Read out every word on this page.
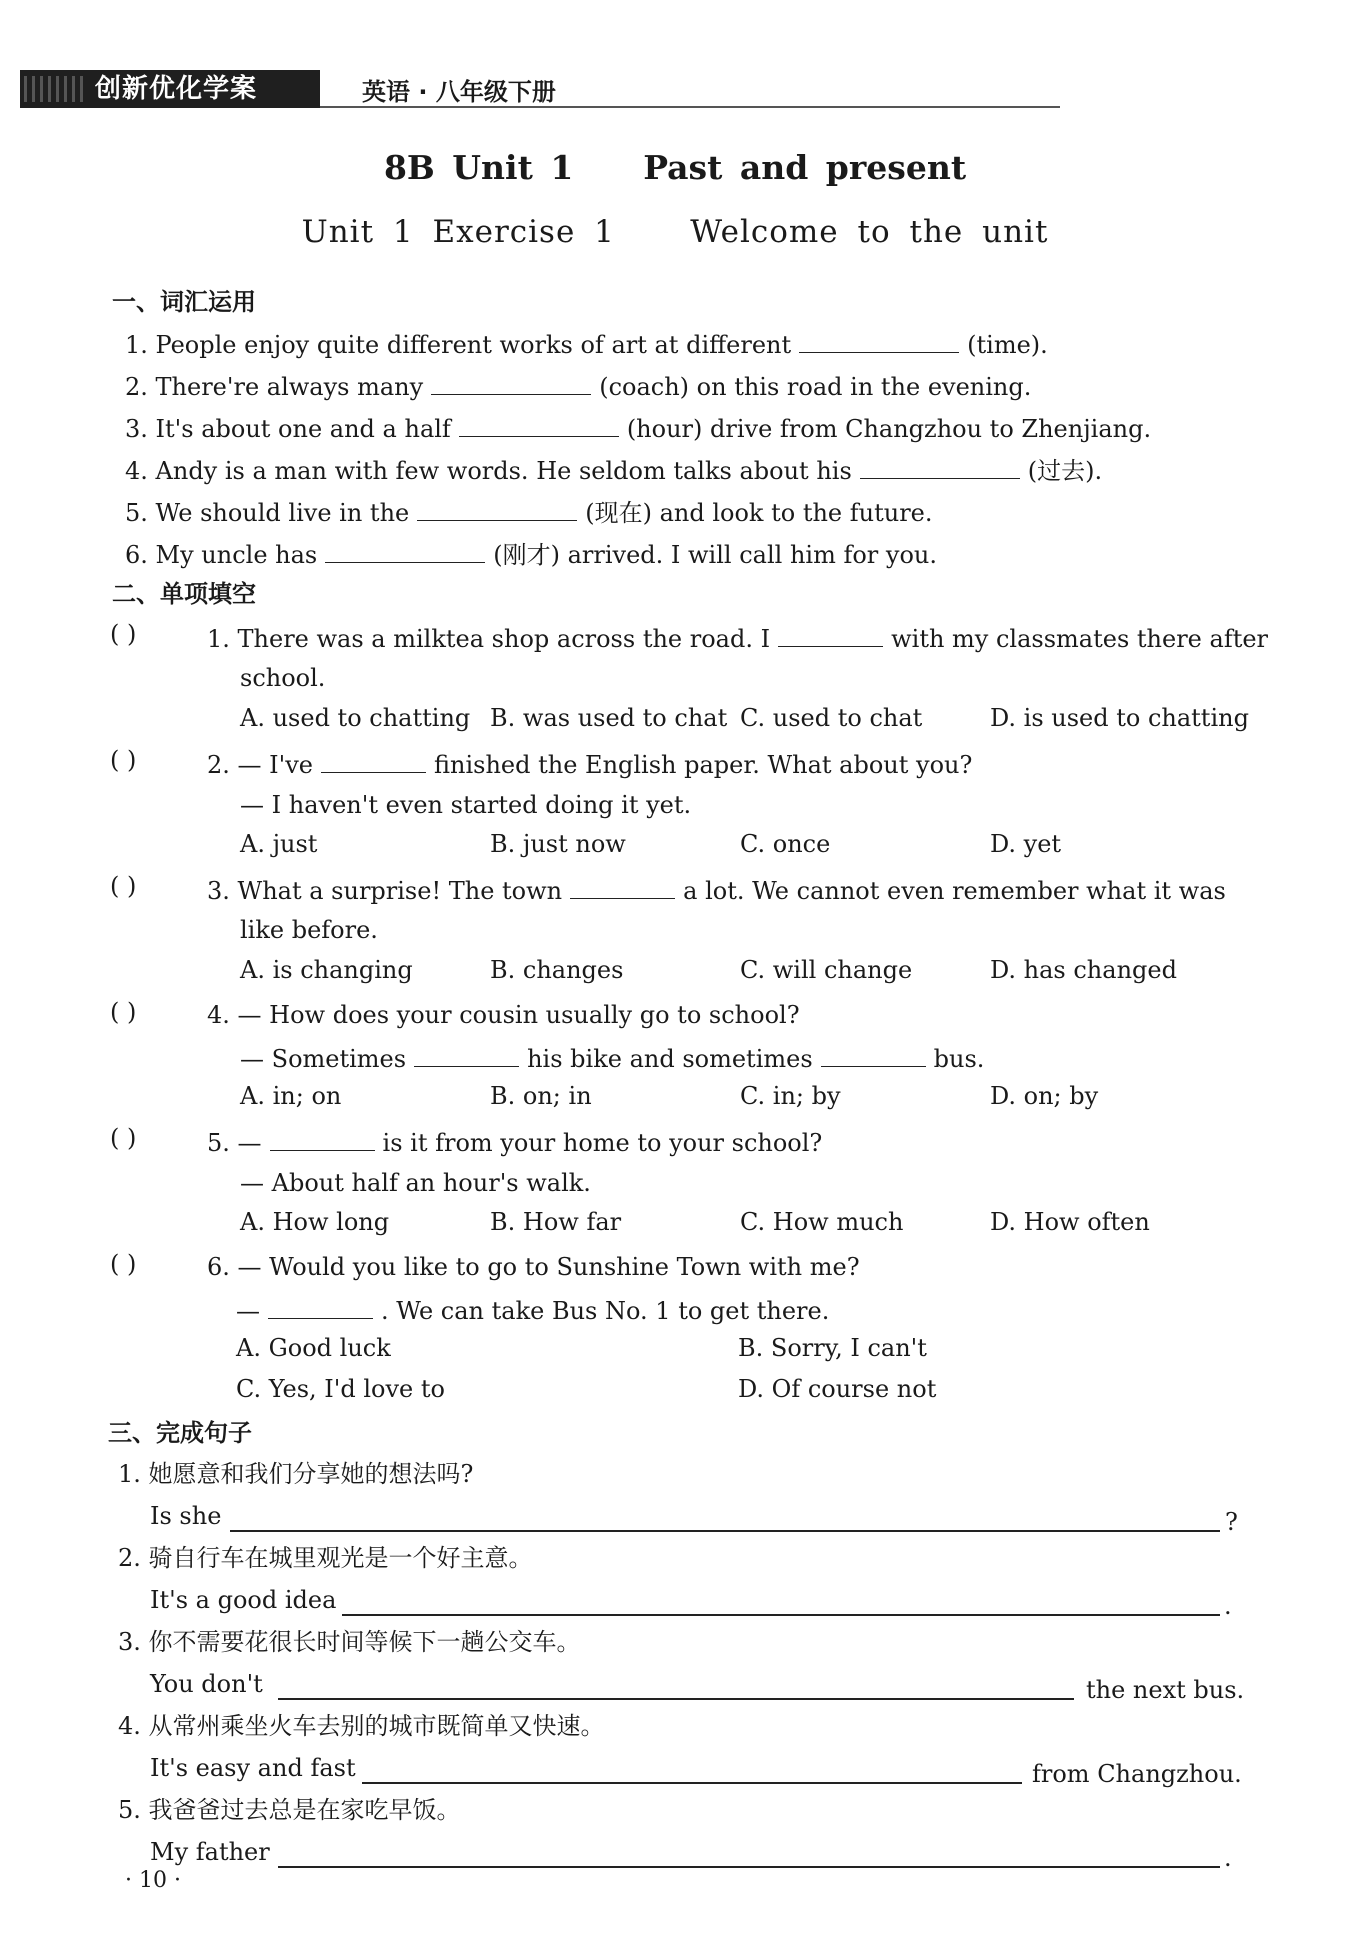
创新优化学案	英语 · 八年级下册
8B Unit 1    Past and present
Unit 1 Exercise 1    Welcome to the unit
一、词汇运用
1. People enjoy quite different works of art at different	(time).
2. There're always many	(coach) on this road in the evening.
3. It's about one and a half	(hour) drive from Changzhou to Zhenjiang.
4. Andy is a man with few words. He seldom talks about his	(过去).
5. We should live in the	(现在) and look to the future.
6. My uncle has	(刚才) arrived. I will call him for you.
二、单项填空
( )	1. There was a milktea shop across the road. I	with my classmates there after
school.
A. used to chatting B. was used to chat C. used to chat	D. is used to chatting
( )	2. — I've	finished the English paper. What about you?
— I haven't even started doing it yet.
A. just	B. just now	C. once	D. yet
( )	3. What a surprise! The town	a lot. We cannot even remember what it was
like before.
A. is changing	B. changes	C. will change	D. has changed
( )	4. — How does your cousin usually go to school?
— Sometimes	his bike and sometimes	bus.
A. in; on	B. on; in	C. in; by	D. on; by
( )	5. —	is it from your home to your school?
— About half an hour's walk.
A. How long	B. How far	C. How much	D. How often
( )	6. — Would you like to go to Sunshine Town with me?
—	. We can take Bus No. 1 to get there.
A. Good luck	B. Sorry, I can't
C. Yes, I'd love to	D. Of course not
三、完成句子
1. 她愿意和我们分享她的想法吗?
Is she	?
2. 骑自行车在城里观光是一个好主意。
It's a good idea	.
3. 你不需要花很长时间等候下一趟公交车。
You don't	the next bus.
4. 从常州乘坐火车去别的城市既简单又快速。
It's easy and fast	from Changzhou.
5. 我爸爸过去总是在家吃早饭。
My father	.
· 10 ·
